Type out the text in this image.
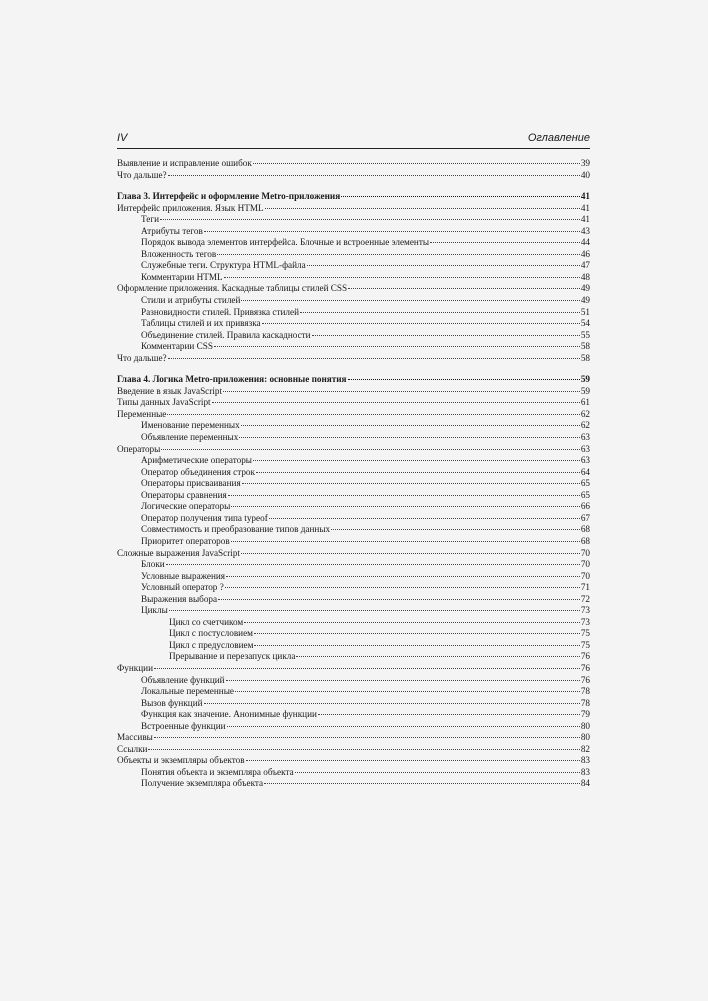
IV	Оглавление
Выявление и исправление ошибок	39
Что дальше?	40
Глава 3. Интерфейс и оформление Metro-приложения	41
Интерфейс приложения. Язык HTML	41
Теги	41
Атрибуты тегов	43
Порядок вывода элементов интерфейса. Блочные и встроенные элементы	44
Вложенность тегов	46
Служебные теги. Структура HTML-файла	47
Комментарии HTML	48
Оформление приложения. Каскадные таблицы стилей CSS	49
Стили и атрибуты стилей	49
Разновидности стилей. Привязка стилей	51
Таблицы стилей и их привязка	54
Объединение стилей. Правила каскадности	55
Комментарии CSS	58
Что дальше?	58
Глава 4. Логика Metro-приложения: основные понятия	59
Введение в язык JavaScript	59
Типы данных JavaScript	61
Переменные	62
Именование переменных	62
Объявление переменных	63
Операторы	63
Арифметические операторы	63
Оператор объединения строк	64
Операторы присваивания	65
Операторы сравнения	65
Логические операторы	66
Оператор получения типа typeof	67
Совместимость и преобразование типов данных	68
Приоритет операторов	68
Сложные выражения JavaScript	70
Блоки	70
Условные выражения	70
Условный оператор ?	71
Выражения выбора	72
Циклы	73
Цикл со счетчиком	73
Цикл с постусловием	75
Цикл с предусловием	75
Прерывание и перезапуск цикла	76
Функции	76
Объявление функций	76
Локальные переменные	78
Вызов функций	78
Функция как значение. Анонимные функции	79
Встроенные функции	80
Массивы	80
Ссылки	82
Объекты и экземпляры объектов	83
Понятия объекта и экземпляра объекта	83
Получение экземпляра объекта	84
